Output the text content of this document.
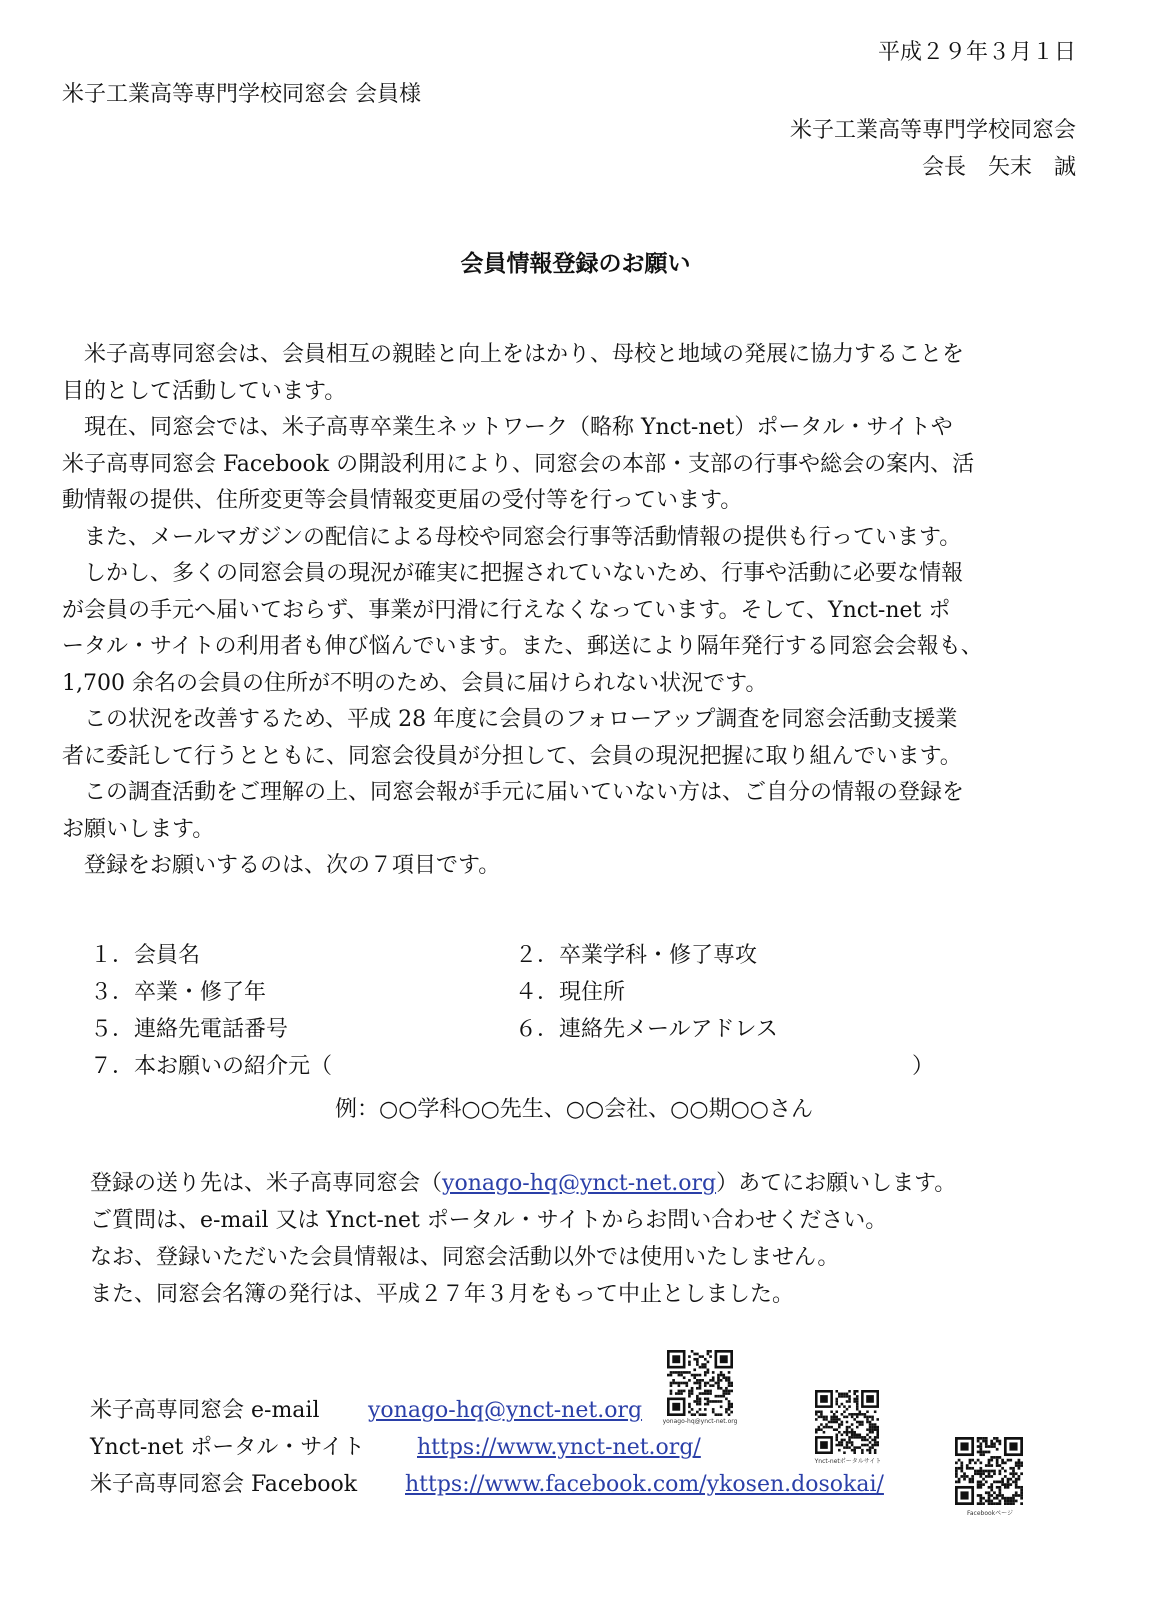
平成２９年３月１日
米子工業高等専門学校同窓会 会員様
米子工業高等専門学校同窓会
会長　矢末　誠
会員情報登録のお願い
　米子高専同窓会は、会員相互の親睦と向上をはかり、母校と地域の発展に協力することを
目的として活動しています。
　現在、同窓会では、米子高専卒業生ネットワーク（略称 Ynct-net）ポータル・サイトや
米子高専同窓会 Facebook の開設利用により、同窓会の本部・支部の行事や総会の案内、活
動情報の提供、住所変更等会員情報変更届の受付等を行っています。
　また、メールマガジンの配信による母校や同窓会行事等活動情報の提供も行っています。
　しかし、多くの同窓会員の現況が確実に把握されていないため、行事や活動に必要な情報
が会員の手元へ届いておらず、事業が円滑に行えなくなっています。そして、Ynct-net ポ
ータル・サイトの利用者も伸び悩んでいます。また、郵送により隔年発行する同窓会会報も、
1,700 余名の会員の住所が不明のため、会員に届けられない状況です。
　この状況を改善するため、平成 28 年度に会員のフォローアップ調査を同窓会活動支援業
者に委託して行うとともに、同窓会役員が分担して、会員の現況把握に取り組んでいます。
　この調査活動をご理解の上、同窓会報が手元に届いていない方は、ご自分の情報の登録を
お願いします。
　登録をお願いするのは、次の７項目です。
１．会員名	２．卒業学科・修了専攻
３．卒業・修了年	４．現住所
５．連絡先電話番号	６．連絡先メールアドレス
７．本お願いの紹介元（	）
例：○○学科○○先生、○○会社、○○期○○さん
登録の送り先は、米子高専同窓会（yonago-hq@ynct-net.org）あてにお願いします。
ご質問は、e-mail 又は Ynct-net ポータル・サイトからお問い合わせください。
なお、登録いただいた会員情報は、同窓会活動以外では使用いたしません。
また、同窓会名簿の発行は、平成２７年３月をもって中止としました。
米子高専同窓会 e-mail yonago-hq@ynct-net.org
Ynct-net ポータル・サイト https://www.ynct-net.org/
米子高専同窓会 Facebook https://www.facebook.com/ykosen.dosokai/
yonago-hq@ynct-net.org
Ynct-netポータルサイト
Facebookページ
